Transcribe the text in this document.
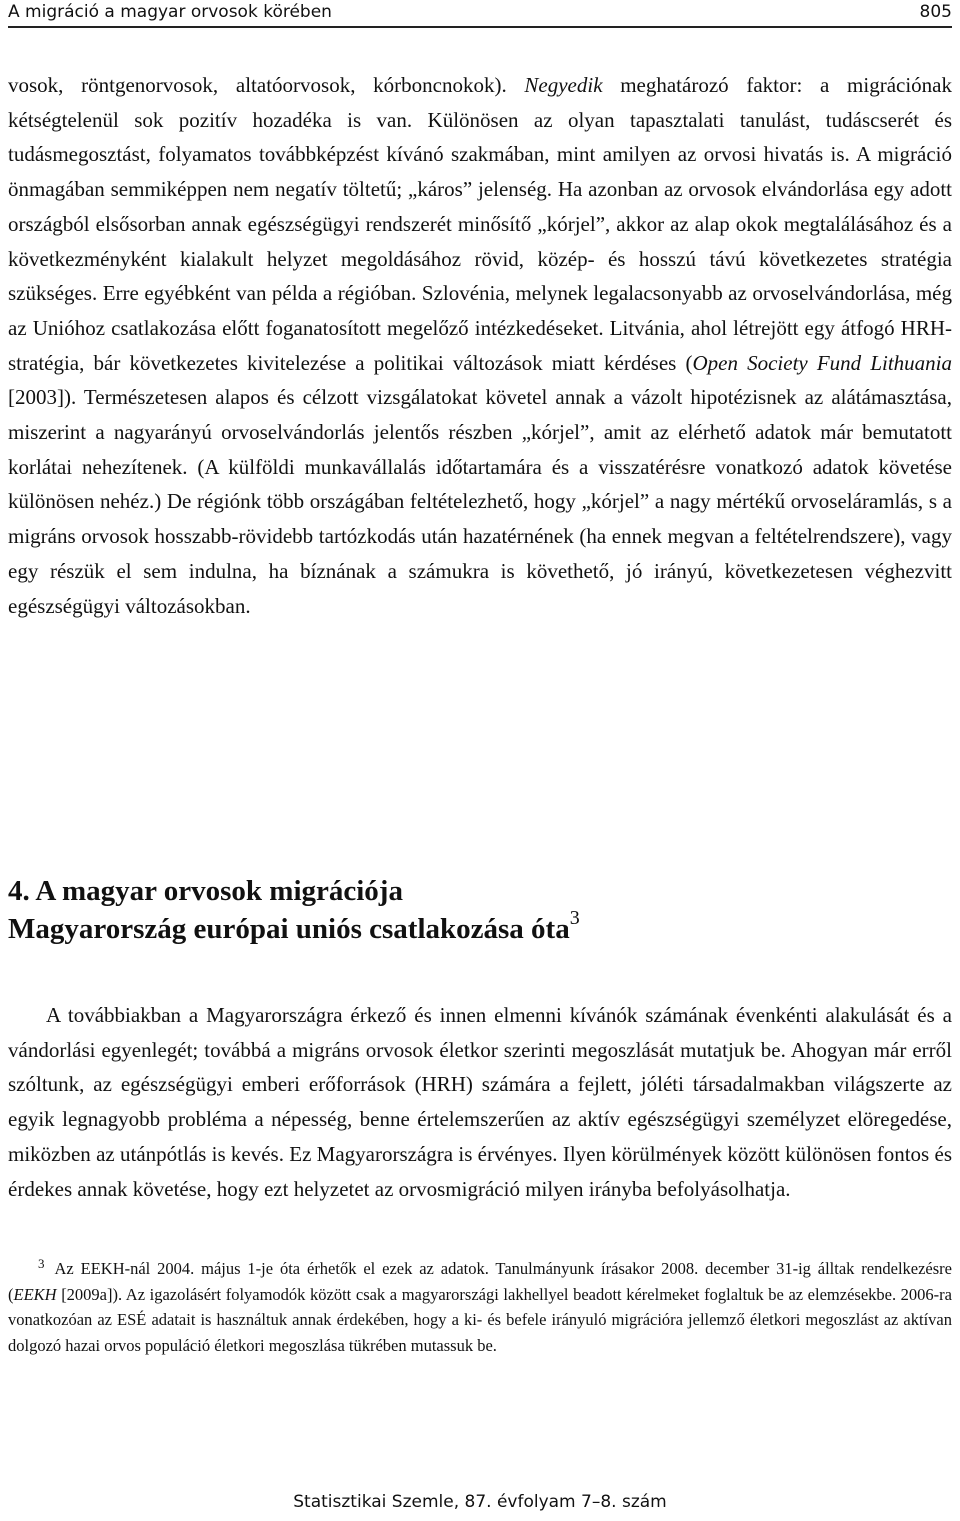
A migráció a magyar orvosok körében	805

vosok, röntgenorvosok, altatóorvosok, kórboncnokok). Negyedik meghatározó faktor: a migrációnak kétségtelenül sok pozitív hozadéka is van. Különösen az olyan tapasztalati tanulást, tudáscserét és tudásmegosztást, folyamatos továbbképzést kívánó szakmában, mint amilyen az orvosi hivatás is. A migráció önmagában semmiképpen nem negatív töltetű; „káros” jelenség. Ha azonban az orvosok elvándorlása egy adott országból elsősorban annak egészségügyi rendszerét minősítő „kórjel”, akkor az alap okok megtalálásához és a következményként kialakult helyzet megoldásához rövid, közép- és hosszú távú következetes stratégia szükséges. Erre egyébként van példa a régióban. Szlovénia, melynek legalacsonyabb az orvoselvándorlása, még az Unióhoz csatlakozása előtt foganatosított megelőző intézkedéseket. Litvánia, ahol létrejött egy átfogó HRH-stratégia, bár következetes kivitelezése a politikai változások miatt kérdéses (Open Society Fund Lithuania [2003]). Természetesen alapos és célzott vizsgálatokat követel annak a vázolt hipotézisnek az alátámasztása, miszerint a nagyarányú orvoselvándorlás jelentős részben „kórjel”, amit az elérhető adatok már bemutatott korlátai nehezítenek. (A külföldi munkavállalás időtartamára és a visszatérésre vonatkozó adatok követése különösen nehéz.) De régiónk több országában feltételezhető, hogy „kórjel” a nagy mértékű orvoseláramlás, s a migráns orvosok hosszabb-rövidebb tartózkodás után hazatérnének (ha ennek megvan a feltételrendszere), vagy egy részük el sem indulna, ha bíznának a számukra is követhető, jó irányú, következetesen véghezvitt egészségügyi változásokban.

4. A magyar orvosok migrációja
Magyarország európai uniós csatlakozása óta$^3$

A továbbiakban a Magyarországra érkező és innen elmenni kívánók számának évenkénti alakulását és a vándorlási egyenlegét; továbbá a migráns orvosok életkor szerinti megoszlását mutatjuk be. Ahogyan már erről szóltunk, az egészségügyi emberi erőforrások (HRH) számára a fejlett, jóléti társadalmakban világszerte az egyik legnagyobb probléma a népesség, benne értelemszerűen az aktív egészségügyi személyzet elöregedése, miközben az utánpótlás is kevés. Ez Magyarországra is érvényes. Ilyen körülmények között különösen fontos és érdekes annak követése, hogy ezt helyzetet az orvosmigráció milyen irányba befolyásolhatja.

$^3$ Az EEKH-nál 2004. május 1-je óta érhetők el ezek az adatok. Tanulmányunk írásakor 2008. december 31-ig álltak rendelkezésre (EEKH [2009a]). Az igazolásért folyamodók között csak a magyarországi lakhellyel beadott kérelmeket foglaltuk be az elemzésekbe. 2006-ra vonatkozóan az ESÉ adatait is használtuk annak érdekében, hogy a ki- és befele irányuló migrációra jellemző életkori megoszlást az aktívan dolgozó hazai orvos populáció életkori megoszlása tükrében mutassuk be.

Statisztikai Szemle, 87. évfolyam 7–8. szám
